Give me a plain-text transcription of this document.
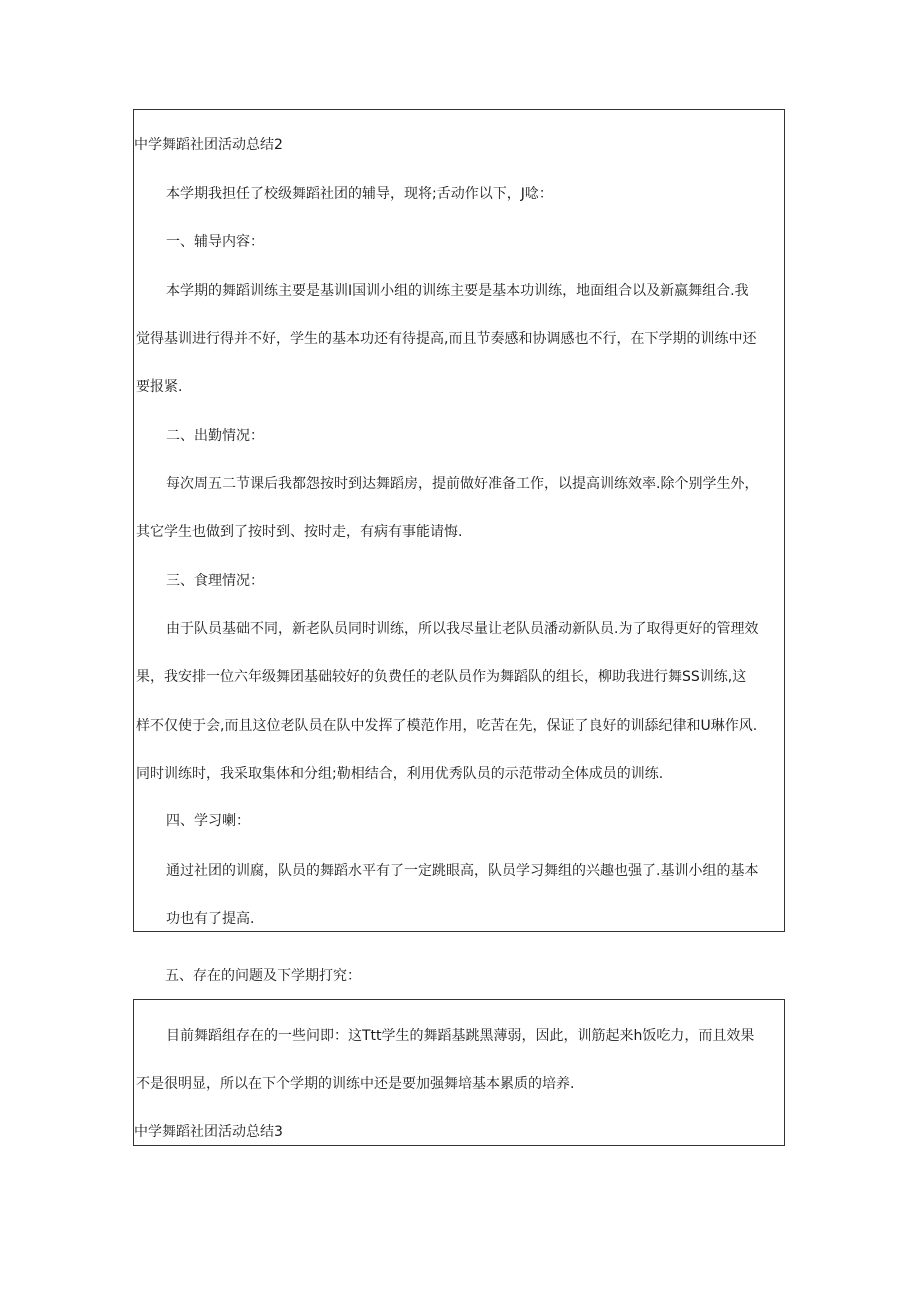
中学舞蹈社团活动总结2
本学期我担任了校级舞蹈社团的辅导，现将;舌动作以下，J唸：
一、辅导内容：
本学期的舞蹈训练主要是基训I国训小组的训练主要是基本功训练，地面组合以及新嬴舞组合.我
觉得基训进行得并不好，学生的基本功还有待提高,而且节奏感和协调感也不行，在下学期的训练中还
要报紧.
二、出勤情况：
每次周五二节课后我都怨按时到达舞蹈房，提前做好准备工作，以提高训练效率.除个别学生外，
其它学生也做到了按时到、按时走，有病有事能请悔.
三、食理情况：
由于队员基础不同，新老队员同时训练，所以我尽量让老队员潘动新队员.为了取得更好的管理效
果，我安排一位六年级舞团基础较好的负费任的老队员作为舞蹈队的组长，柳助我进行舞SS训练,这
样不仅使于会,而且这位老队员在队中发挥了模范作用，吃苦在先，保证了良好的训舔纪律和U琳作风.
同时训练时，我采取集体和分组;勒相结合，利用优秀队员的示范带动全体成员的训练.
四、学习喇：
通过社团的训腐，队员的舞蹈水平有了一定跳眼高，队员学习舞组的兴趣也强了.基训小组的基本
功也有了提高.
五、存在的问题及下学期打究：
目前舞蹈组存在的一些问即：这Ttt学生的舞蹈基跳黑薄弱，因此，训筋起来h饭吃力，而且效果
不是很明显，所以在下个学期的训练中还是要加强舞培基本累质的培养.
中学舞蹈社团活动总结3
